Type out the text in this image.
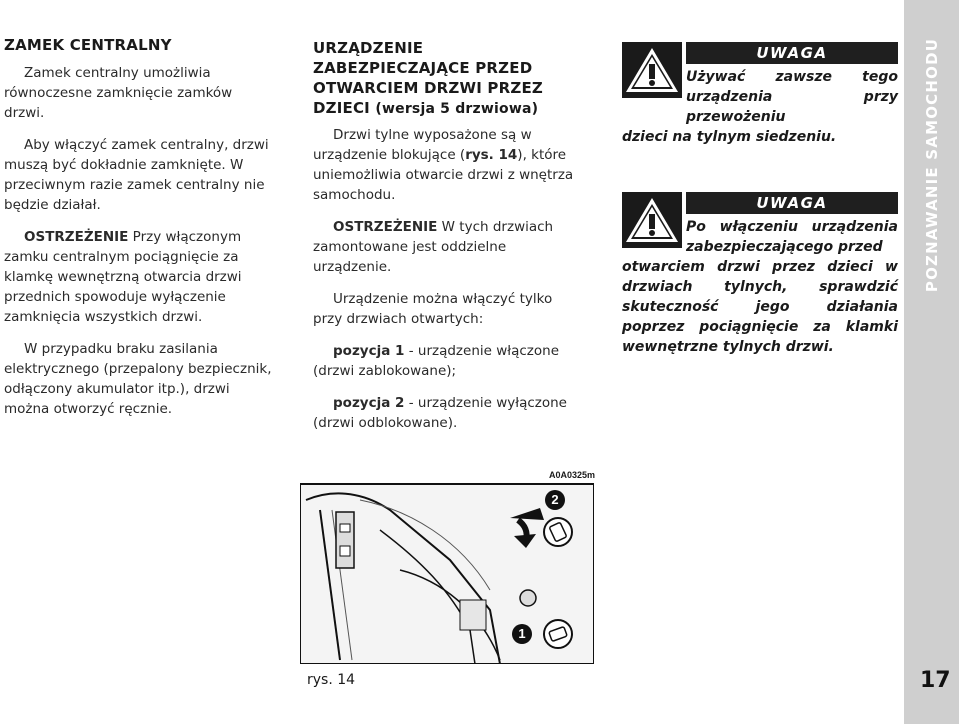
ZAMEK CENTRALNY

Zamek centralny umożliwia równoczesne zamknięcie zamków drzwi.

Aby włączyć zamek centralny, drzwi muszą być dokładnie zamknięte. W przeciwnym razie zamek centralny nie będzie działał.

OSTRZEŻENIE Przy włączonym zamku centralnym pociągnięcie za klamkę wewnętrzną otwarcia drzwi przednich spowoduje wyłączenie zamknięcia wszystkich drzwi.

W przypadku braku zasilania elektrycznego (przepalony bezpiecznik, odłączony akumulator itp.), drzwi można otworzyć ręcznie.

URZĄDZENIE ZABEZPIECZAJĄCE PRZED OTWARCIEM DRZWI PRZEZ DZIECI (wersja 5 drzwiowa)

Drzwi tylne wyposażone są w urządzenie blokujące (rys. 14), które uniemożliwia otwarcie drzwi z wnętrza samochodu.

OSTRZEŻENIE W tych drzwiach zamontowane jest oddzielne urządzenie.

Urządzenie można włączyć tylko przy drzwiach otwartych:

pozycja 1 - urządzenie włączone (drzwi zablokowane);

pozycja 2 - urządzenie wyłączone (drzwi odblokowane).

UWAGA
Używać zawsze tego urządzenia przy przewożeniu
dzieci na tylnym siedzeniu.
UWAGA
Po włączeniu urządzenia zabezpieczającego przed
otwarciem drzwi przez dzieci w drzwiach tylnych, sprawdzić skuteczność jego działania poprzez pociągnięcie za klamki wewnętrzne tylnych drzwi.
POZNAWANIE SAMOCHODU
17
A0A0325m
2
1
rys. 14
